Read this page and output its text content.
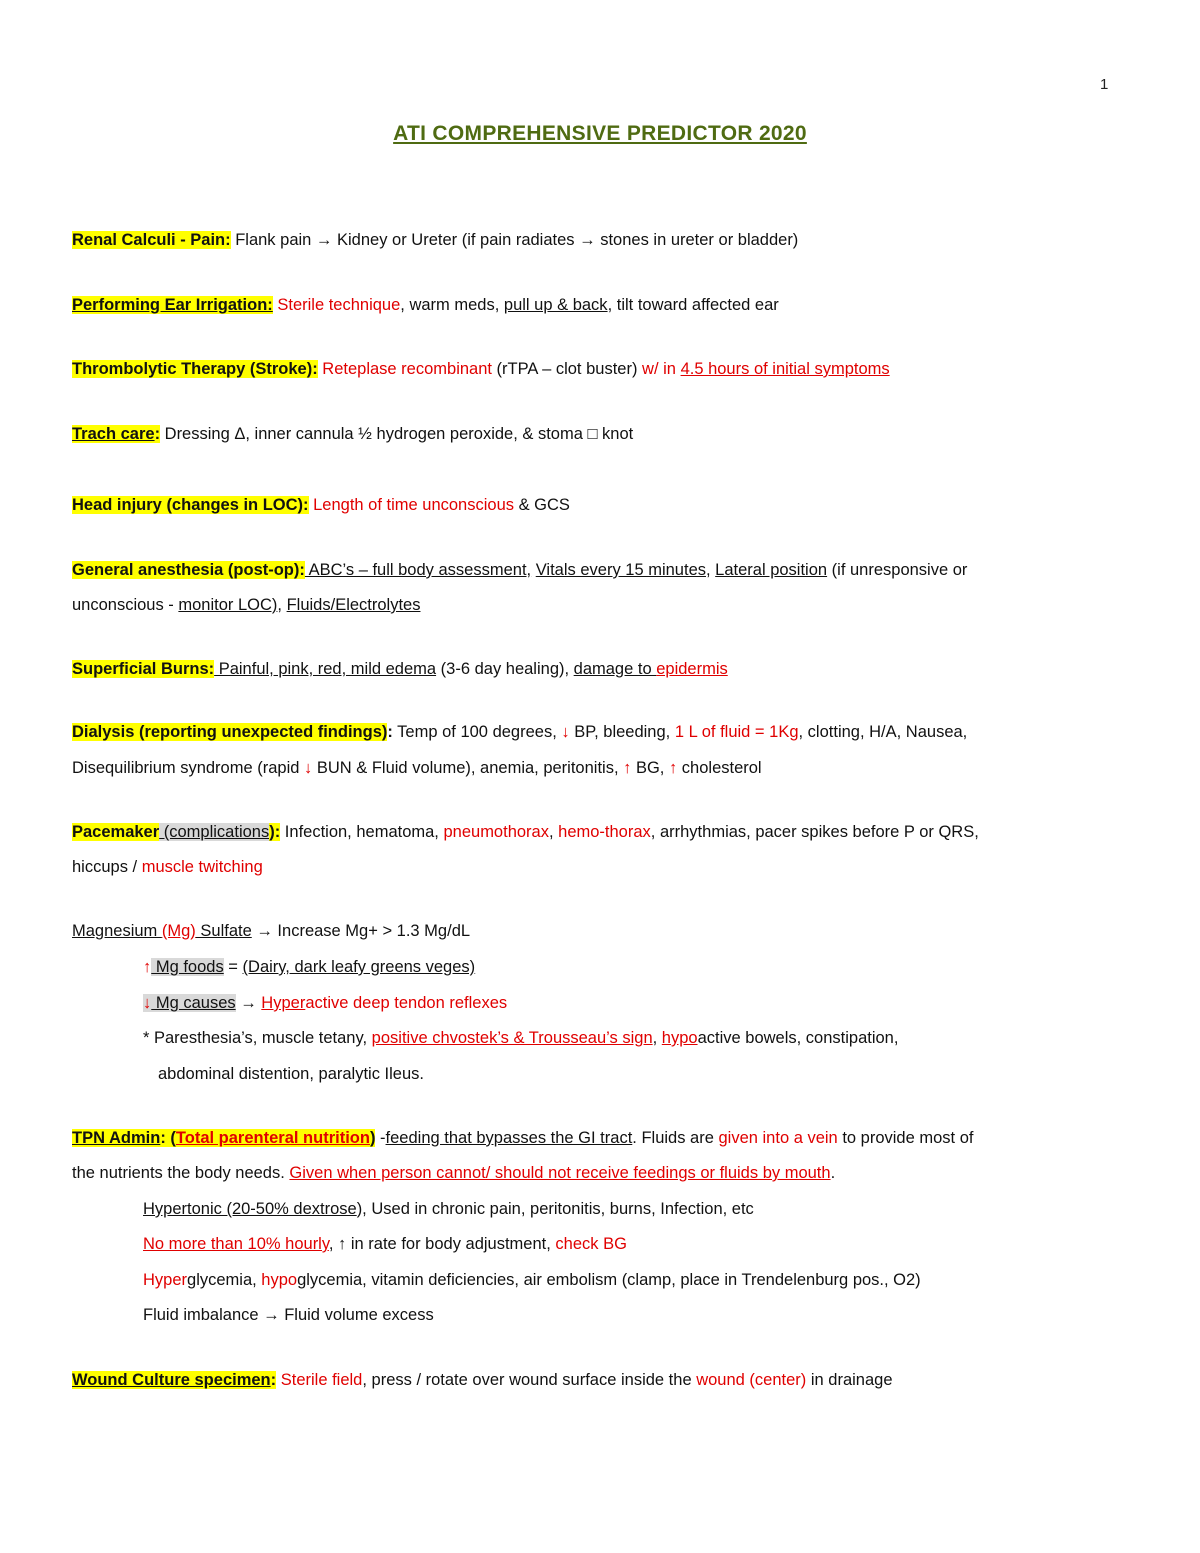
1
ATI COMPREHENSIVE PREDICTOR 2020
Renal Calculi - Pain: Flank pain → Kidney or Ureter (if pain radiates → stones in ureter or bladder)
Performing Ear Irrigation: Sterile technique, warm meds, pull up & back, tilt toward affected ear
Thrombolytic Therapy (Stroke): Reteplase recombinant (rTPA – clot buster) w/ in 4.5 hours of initial symptoms
Trach care: Dressing Δ, inner cannula ½ hydrogen peroxide, & stoma □ knot
Head injury (changes in LOC): Length of time unconscious & GCS
General anesthesia (post-op): ABC’s – full body assessment, Vitals every 15 minutes, Lateral position (if unresponsive or
unconscious - monitor LOC), Fluids/Electrolytes
Superficial Burns: Painful, pink, red, mild edema (3-6 day healing), damage to epidermis
Dialysis (reporting unexpected findings): Temp of 100 degrees, ↓ BP, bleeding, 1 L of fluid = 1Kg, clotting, H/A, Nausea,
Disequilibrium syndrome (rapid ↓ BUN & Fluid volume), anemia, peritonitis, ↑ BG, ↑ cholesterol
Pacemaker (complications): Infection, hematoma, pneumothorax, hemo-thorax, arrhythmias, pacer spikes before P or QRS,
hiccups / muscle twitching
Magnesium (Mg) Sulfate → Increase Mg+ > 1.3 Mg/dL
↑ Mg foods = (Dairy, dark leafy greens veges)
↓ Mg causes → Hyperactive deep tendon reflexes
* Paresthesia’s, muscle tetany, positive chvostek’s & Trousseau’s sign, hypoactive bowels, constipation,
abdominal distention, paralytic Ileus.
TPN Admin: (Total parenteral nutrition) -feeding that bypasses the GI tract. Fluids are given into a vein to provide most of
the nutrients the body needs. Given when person cannot/ should not receive feedings or fluids by mouth.
Hypertonic (20-50% dextrose), Used in chronic pain, peritonitis, burns, Infection, etc
No more than 10% hourly, ↑ in rate for body adjustment, check BG
Hyperglycemia, hypoglycemia, vitamin deficiencies, air embolism (clamp, place in Trendelenburg pos., O2)
Fluid imbalance → Fluid volume excess
Wound Culture specimen: Sterile field, press / rotate over wound surface inside the wound (center) in drainage
